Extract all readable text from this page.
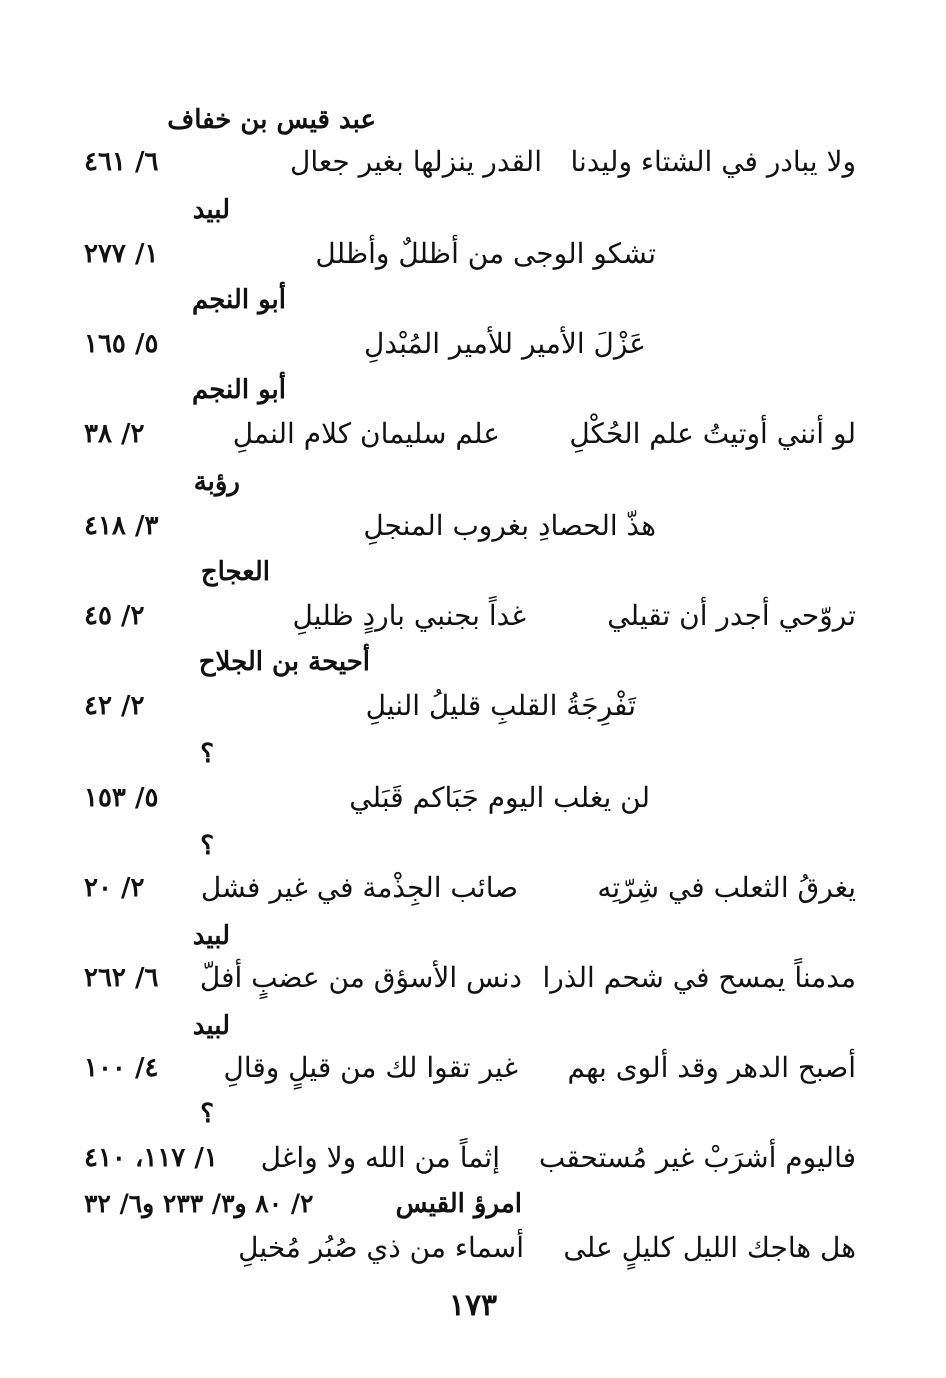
عبد قيس بن خفاف
ولا يبادر في الشتاء وليدنا
القدر ينزلها بغير جعال
٦/ ٤٦١
لبيد
تشكو الوجى من أظللٌ وأظلل
١/ ٢٧٧
أبو النجم
عَزْلَ الأمير للأمير المُبْدلِ
٥/ ١٦٥
أبو النجم
لو أنني أوتيتُ علم الحُكْلِ
علم سليمان كلام النملِ
٢/ ٣٨
رؤبة
هذّ الحصادِ بغروب المنجلِ
٣/ ٤١٨
العجاج
تروّحي أجدر أن تقيلي
غداً بجنبي باردٍ ظليلِ
٢/ ٤٥
أحيحة بن الجلاح
تَفْرِجَةُ القلبِ قليلُ النيلِ
٢/ ٤٢
؟
لن يغلب اليوم جَبَاكم قَبَلي
٥/ ١٥٣
؟
يغرقُ الثعلب في شِرّتِه
صائب الجِذْمة في غير فشل
٢/ ٢٠
لبيد
مدمناً يمسح في شحم الذرا
دنس الأسؤق من عضبٍ أفلّ
٦/ ٢٦٢
لبيد
أصبح الدهر وقد ألوى بهم
غير تقوا لك من قيلٍ وقالِ
٤/ ١٠٠
؟
فاليوم أشرَبْ غير مُستحقب
إثماً من الله ولا واغل
١/ ١١٧، ٤١٠
امرؤ القيس
٢/ ٨٠ و٣/ ٢٣٣ و٦/ ٣٢
هل هاجك الليل كليلٍ على
أسماء من ذي صُبُر مُخيلِ
١٧٣
